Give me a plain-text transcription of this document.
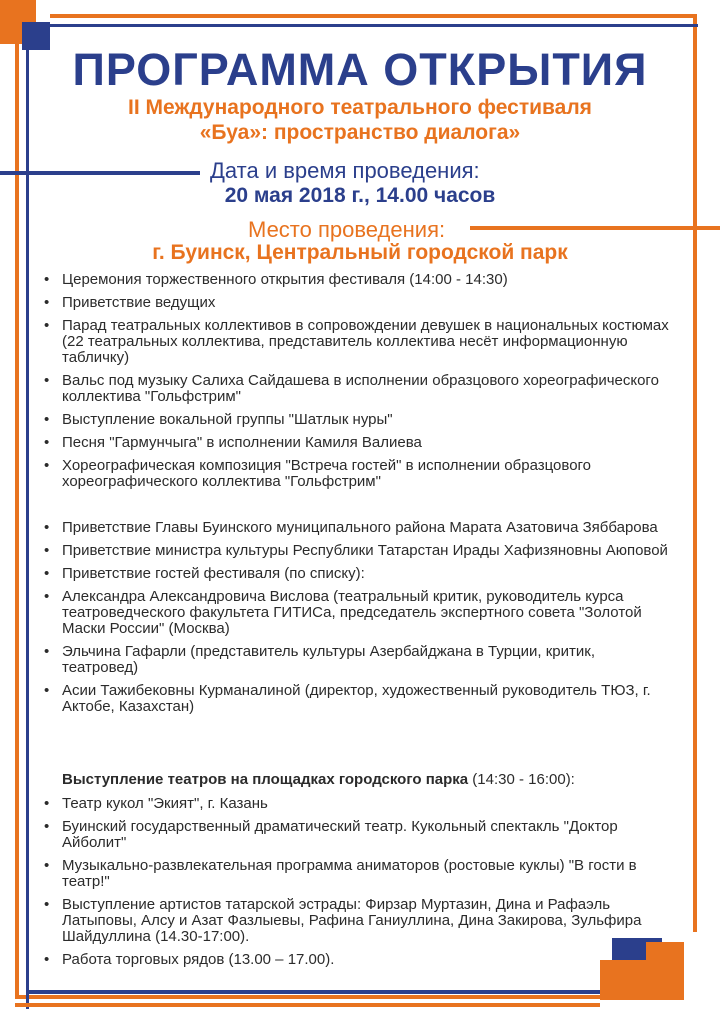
ПРОГРАММА ОТКРЫТИЯ
II Международного театрального фестиваля
«Буа»: пространство диалога»
Дата и время проведения:
20 мая 2018 г., 14.00 часов
Место проведения:
г. Буинск, Центральный городской парк
• Церемония торжественного открытия фестиваля (14:00 - 14:30)
• Приветствие ведущих
• Парад театральных коллективов в сопровождении девушек в национальных костюмах (22 театральных коллектива, представитель коллектива несёт информационную табличку)
• Вальс под музыку Салиха Сайдашева в исполнении образцового хореографического коллектива "Гольфстрим"
• Выступление вокальной группы "Шатлык нуры"
• Песня "Гармунчыга" в исполнении Камиля Валиева
• Хореографическая композиция "Встреча гостей" в исполнении образцового хореографического коллектива "Гольфстрим"
• Приветствие Главы Буинского муниципального района Марата Азатовича Зяббарова
• Приветствие министра культуры Республики Татарстан Ирады Хафизяновны Аюповой
• Приветствие гостей фестиваля (по списку):
• Александра Александровича Вислова (театральный критик, руководитель курса театроведческого факультета ГИТИСа, председатель экспертного совета "Золотой Маски России" (Москва)
• Эльчина Гафарли (представитель культуры Азербайджана в Турции, критик, театровед)
• Асии Тажибековны Курманалиной (директор, художественный руководитель ТЮЗ, г. Актобе, Казахстан)
Выступление театров на площадках городского парка (14:30 - 16:00):
• Театр кукол "Экият", г. Казань
• Буинский государственный драматический театр. Кукольный спектакль "Доктор Айболит"
• Музыкально-развлекательная программа аниматоров (ростовые куклы) "В гости в театр!"
• Выступление артистов татарской эстрады: Фирзар Муртазин, Дина и Рафаэль Латыповы, Алсу и Азат Фазлыевы, Рафина Ганиуллина, Дина Закирова, Зульфира Шайдуллина (14.30-17:00).
• Работа торговых рядов (13.00 – 17.00).
